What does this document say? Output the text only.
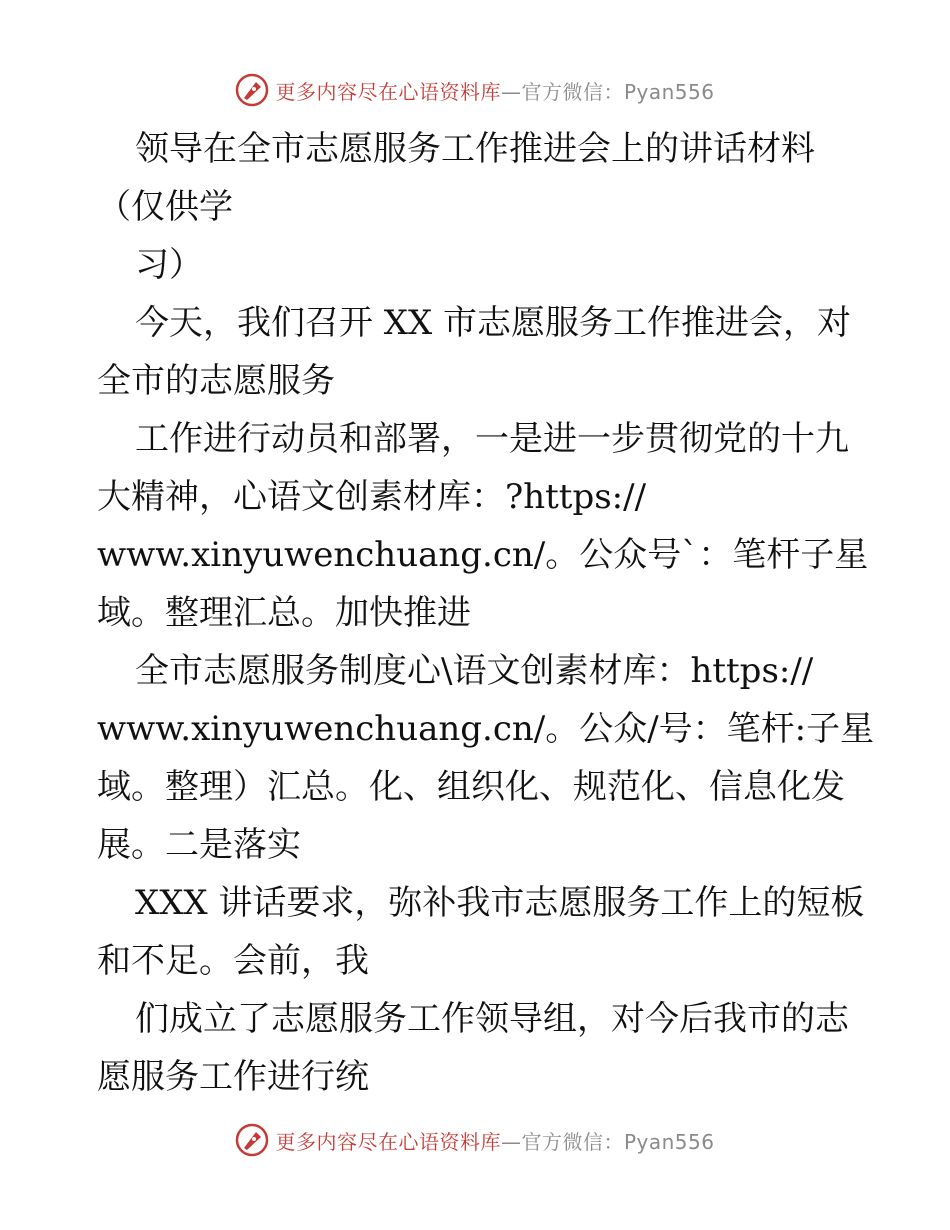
更多内容尽在心语资料库—官方微信：Pyan556

领导在全市志愿服务工作推进会上的讲话材料
（仅供学

习）

今天，我们召开 XX 市志愿服务工作推进会，对
全市的志愿服务

工作进行动员和部署，一是进一步贯彻党的十九
大精神，心语文创素材库：?https://
www.xinyuwenchuang.cn/。公众号`：笔杆子星
域。整理汇总。加快推进

全市志愿服务制度心\语文创素材库：https://
www.xinyuwenchuang.cn/。公众/号：笔杆:子星
域。整理）汇总。化、组织化、规范化、信息化发
展。二是落实

XXX 讲话要求，弥补我市志愿服务工作上的短板
和不足。会前，我

们成立了志愿服务工作领导组，对今后我市的志
愿服务工作进行统

更多内容尽在心语资料库—官方微信：Pyan556
